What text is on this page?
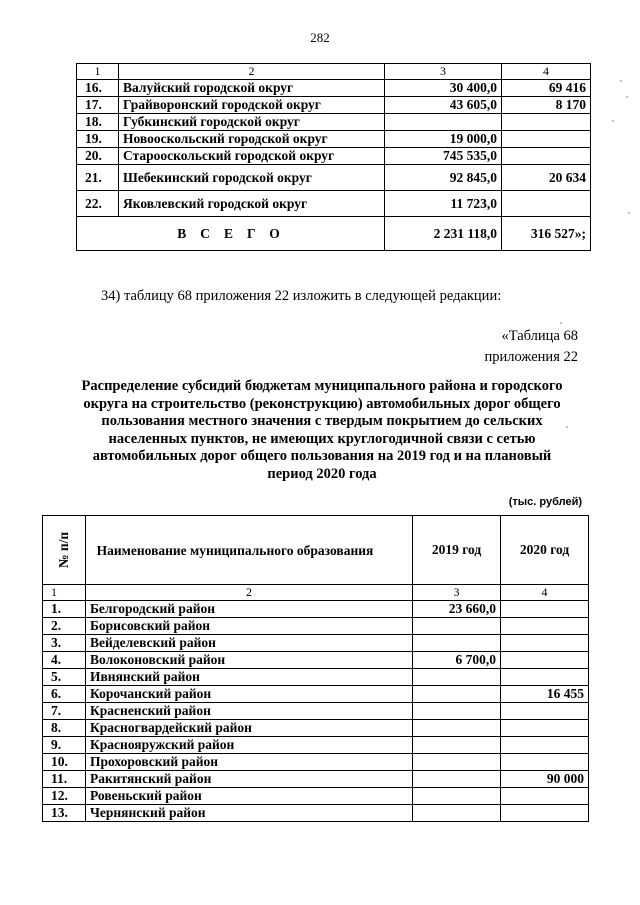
282
1	2	3	4
16.	Валуйский городской округ	30 400,0	69 416
17.	Грайворонский городской округ	43 605,0	8 170
18.	Губкинский городской округ		
19.	Новооскольский городской округ	19 000,0	
20.	Старооскольский городской округ	745 535,0	
21.	Шебекинский городской округ	92 845,0	20 634
22.	Яковлевский городской округ	11 723,0	
ВСЕГО		2 231 118,0	316 527»;
34) таблицу 68 приложения 22 изложить в следующей редакции:
«Таблица 68
приложения 22
Распределение субсидий бюджетам муниципального района и городского
округа на строительство (реконструкцию) автомобильных дорог общего
пользования местного значения с твердым покрытием до сельских
населенных пунктов, не имеющих круглогодичной связи с сетью
автомобильных дорог общего пользования на 2019 год и на плановый
период 2020 года
(тыс. рублей)
№ п/п	Наименование муниципального образования	2019 год	2020 год
1	2	3	4
1.	Белгородский район	23 660,0	
2.	Борисовский район		
3.	Вейделевский район		
4.	Волоконовский район	6 700,0	
5.	Ивнянский район		
6.	Корочанский район		16 455
7.	Красненский район		
8.	Красногвардейский район		
9.	Краснояружский район		
10.	Прохоровский район		
11.	Ракитянский район		90 000
12.	Ровеньский район		
13.	Чернянский район		
